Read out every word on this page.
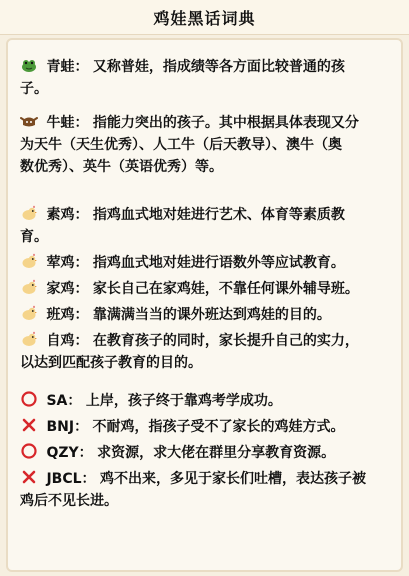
鸡娃黑话词典
青蛙： 又称普娃，指成绩等各方面比较普通的孩
子。
牛蛙： 指能力突出的孩子。其中根据具体表现又分
为天牛（天生优秀）、人工牛（后天教导）、澳牛（奥
数优秀）、英牛（英语优秀）等。
素鸡： 指鸡血式地对娃进行艺术、体育等素质教
育。
荤鸡： 指鸡血式地对娃进行语数外等应试教育。
家鸡： 家长自己在家鸡娃，不靠任何课外辅导班。
班鸡： 靠满满当当的课外班达到鸡娃的目的。
自鸡： 在教育孩子的同时，家长提升自己的实力，
以达到匹配孩子教育的目的。
SA： 上岸，孩子终于靠鸡考学成功。
BNJ： 不耐鸡，指孩子受不了家长的鸡娃方式。
QZY： 求资源，求大佬在群里分享教育资源。
JBCL： 鸡不出来，多见于家长们吐槽，表达孩子被
鸡后不见长进。
